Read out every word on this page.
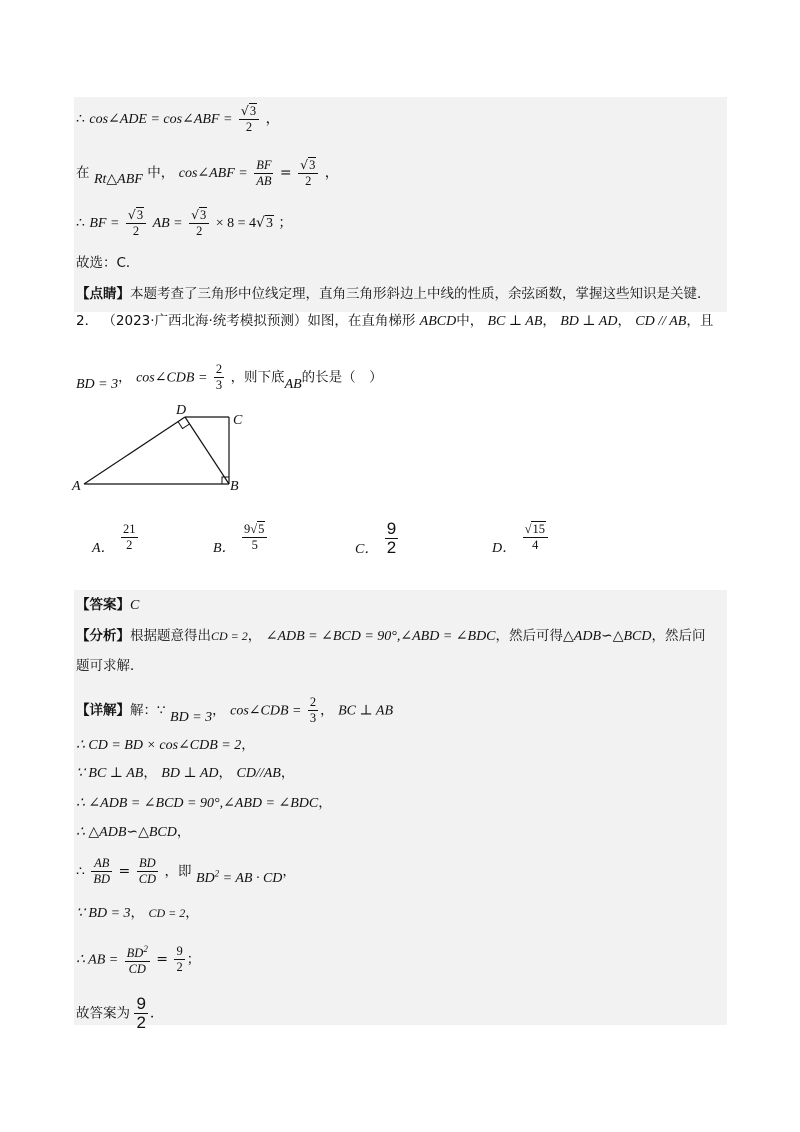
∴ cos∠ADE = cos∠ABF = $\frac{√3}{2}$ ，
在 Rt△ABF 中， cos∠ABF = $\frac{BF}{AB} = \frac{√3}{2}$ ，
∴ BF = $\frac{√3}{2}$ AB = $\frac{√3}{2} \times 8 = 4√3$ ；
故选：C．
【点睛】本题考查了三角形中位线定理，直角三角形斜边上中线的性质，余弦函数，掌握这些知识是关键．
2． （2023·广西北海·统考模拟预测）如图，在直角梯形 ABCD中， BC ⊥ AB， BD ⊥ AD， CD // AB，且
BD = 3， cos∠CDB = $\frac{2}{3}$ ，则下底AB的长是（　）
A	B
C
D
A． $\frac{21}{2}$	B． $\frac{9√5}{5}$	C． $\frac{9}{2}$	D． $\frac{√15}{4}$
【答案】C
【分析】根据题意得出CD = 2， ∠ADB = ∠BCD = 90°,∠ABD = ∠BDC，然后可得△ADB∽△BCD，然后问
题可求解．
【详解】解：∵ BD = 3， cos∠CDB = $\frac{2}{3}$ ， BC ⊥ AB
∴ CD = BD × cos∠CDB = 2，
∵ BC ⊥ AB， BD ⊥ AD， CD//AB，
∴ ∠ADB = ∠BCD = 90°,∠ABD = ∠BDC，
∴ △ADB∽△BCD，
∴ $\frac{AB}{BD} = \frac{BD}{CD}$ ，即 $BD^2$ = AB · CD，
∵ BD = 3， CD = 2，
∴ AB = $\frac{BD^2}{CD} = \frac{9}{2}$ ；
故答案为 $\frac{9}{2}$ .
